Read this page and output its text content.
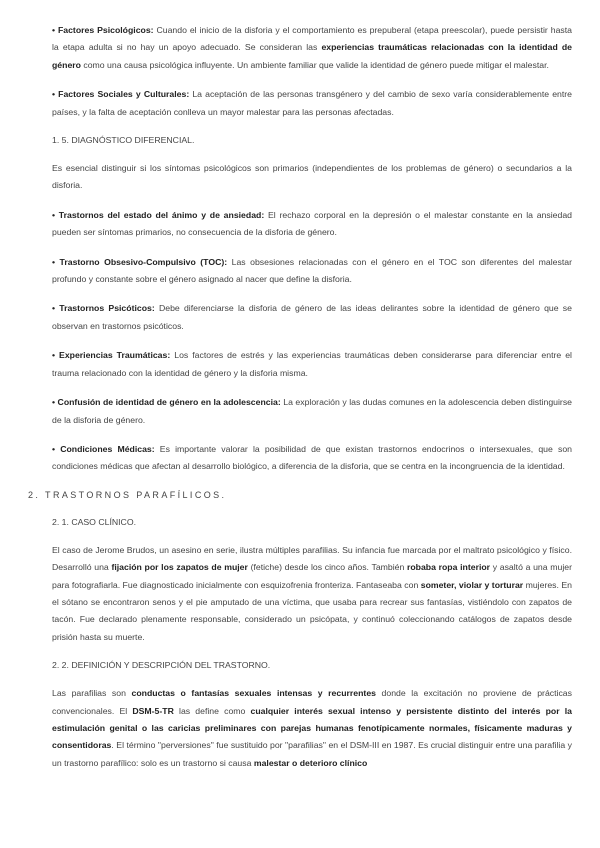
• Factores Psicológicos: Cuando el inicio de la disforia y el comportamiento es prepuberal (etapa preescolar), puede persistir hasta la etapa adulta si no hay un apoyo adecuado. Se consideran las experiencias traumáticas relacionadas con la identidad de género como una causa psicológica influyente. Un ambiente familiar que valide la identidad de género puede mitigar el malestar.

• Factores Sociales y Culturales: La aceptación de las personas transgénero y del cambio de sexo varía considerablemente entre países, y la falta de aceptación conlleva un mayor malestar para las personas afectadas.

1. 5. DIAGNÓSTICO DIFERENCIAL.

Es esencial distinguir si los síntomas psicológicos son primarios (independientes de los problemas de género) o secundarios a la disforia.

• Trastornos del estado del ánimo y de ansiedad: El rechazo corporal en la depresión o el malestar constante en la ansiedad pueden ser síntomas primarios, no consecuencia de la disforia de género.

• Trastorno Obsesivo-Compulsivo (TOC): Las obsesiones relacionadas con el género en el TOC son diferentes del malestar profundo y constante sobre el género asignado al nacer que define la disforia.

• Trastornos Psicóticos: Debe diferenciarse la disforia de género de las ideas delirantes sobre la identidad de género que se observan en trastornos psicóticos.

• Experiencias Traumáticas: Los factores de estrés y las experiencias traumáticas deben considerarse para diferenciar entre el trauma relacionado con la identidad de género y la disforia misma.

• Confusión de identidad de género en la adolescencia: La exploración y las dudas comunes en la adolescencia deben distinguirse de la disforia de género.

• Condiciones Médicas: Es importante valorar la posibilidad de que existan trastornos endocrinos o intersexuales, que son condiciones médicas que afectan al desarrollo biológico, a diferencia de la disforia, que se centra en la incongruencia de la identidad.

2. TRASTORNOS PARAFÍLICOS.
2. 1. CASO CLÍNICO.

El caso de Jerome Brudos, un asesino en serie, ilustra múltiples parafilias. Su infancia fue marcada por el maltrato psicológico y físico. Desarrolló una fijación por los zapatos de mujer (fetiche) desde los cinco años. También robaba ropa interior y asaltó a una mujer para fotografiarla. Fue diagnosticado inicialmente con esquizofrenia fronteriza. Fantaseaba con someter, violar y torturar mujeres. En el sótano se encontraron senos y el pie amputado de una víctima, que usaba para recrear sus fantasías, vistiéndolo con zapatos de tacón. Fue declarado plenamente responsable, considerado un psicópata, y continuó coleccionando catálogos de zapatos desde prisión hasta su muerte.

2. 2. DEFINICIÓN Y DESCRIPCIÓN DEL TRASTORNO.

Las parafilias son conductas o fantasías sexuales intensas y recurrentes donde la excitación no proviene de prácticas convencionales. El DSM-5-TR las define como cualquier interés sexual intenso y persistente distinto del interés por la estimulación genital o las caricias preliminares con parejas humanas fenotípicamente normales, físicamente maduras y consentidoras. El término "perversiones" fue sustituido por "parafilias" en el DSM-III en 1987. Es crucial distinguir entre una parafilia y un trastorno parafílico: solo es un trastorno si causa malestar o deterioro clínico
